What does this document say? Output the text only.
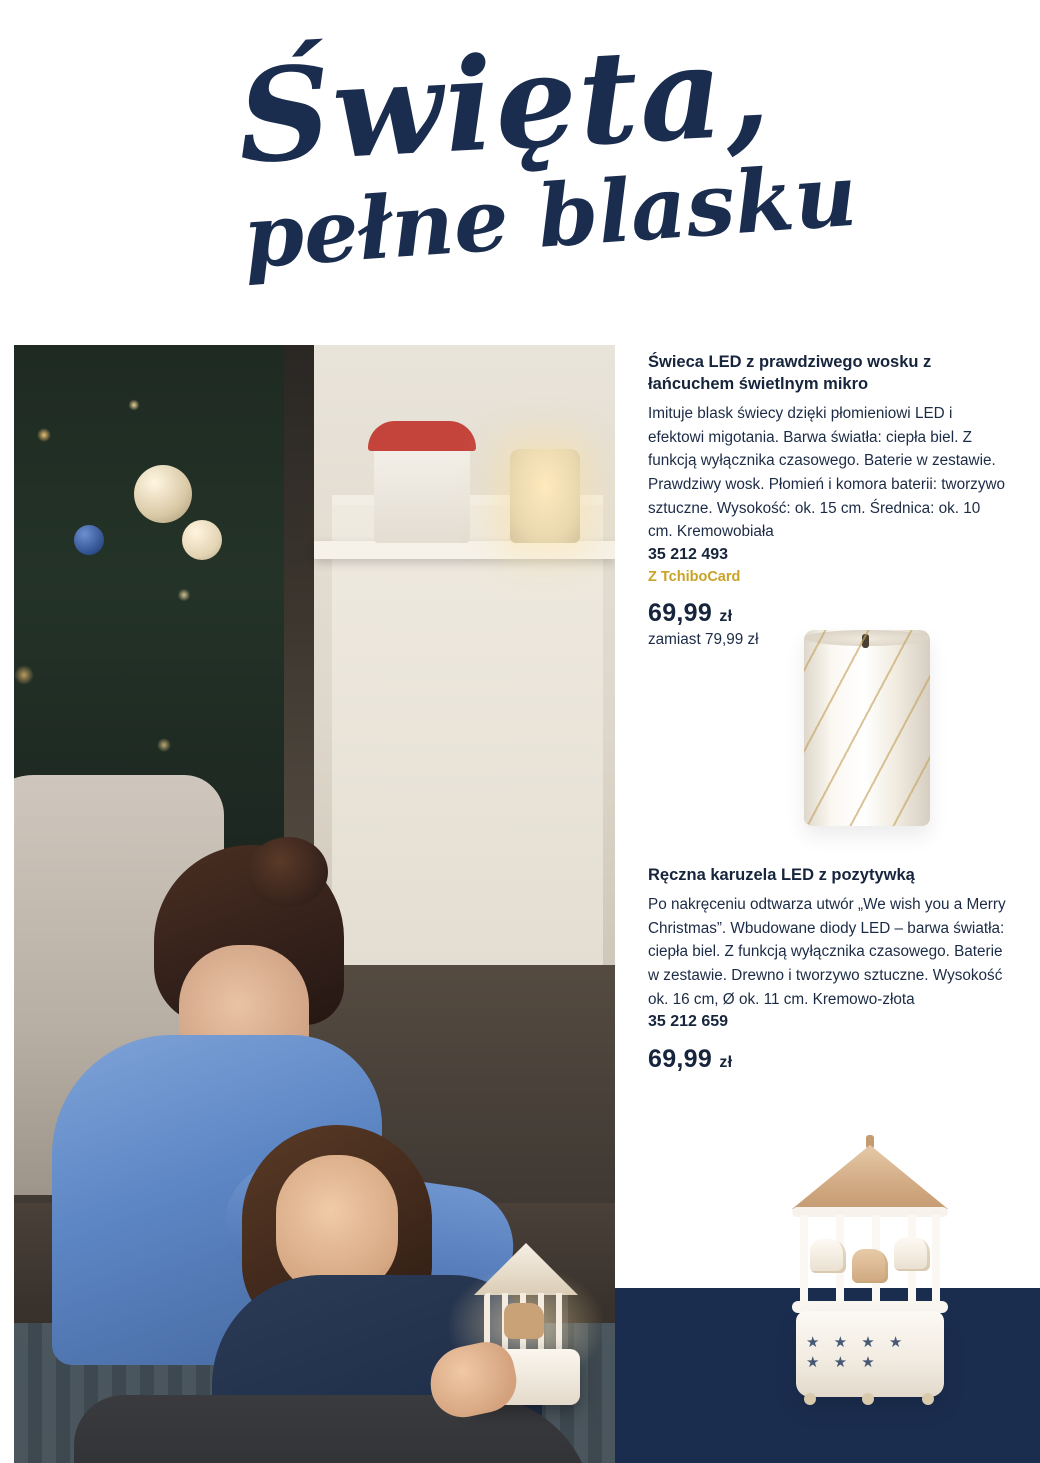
Święta,
pełne blasku
Świeca LED z prawdziwego wosku z łańcuchem świetlnym mikro
Imituje blask świecy dzięki płomieniowi LED i efektowi migotania. Barwa światła: ciepła biel. Z funkcją wyłącznika czasowego. Baterie w zestawie. Prawdziwy wosk. Płomień i komora baterii: tworzywo sztuczne. Wysokość: ok. 15 cm. Średnica: ok. 10 cm. Kremowobiała
35 212 493
Z TchiboCard
69,99 zł
zamiast 79,99 zł
Ręczna karuzela LED z pozytywką
Po nakręceniu odtwarza utwór „We wish you a Merry Christmas”. Wbudowane diody LED – barwa światła: ciepła biel. Z funkcją wyłącznika czasowego. Baterie w zestawie. Drewno i tworzywo sztuczne. Wysokość ok. 16 cm, Ø ok. 11 cm. Kremowo-złota
35 212 659
69,99 zł
★ ★ ★ ★ ★ ★ ★
